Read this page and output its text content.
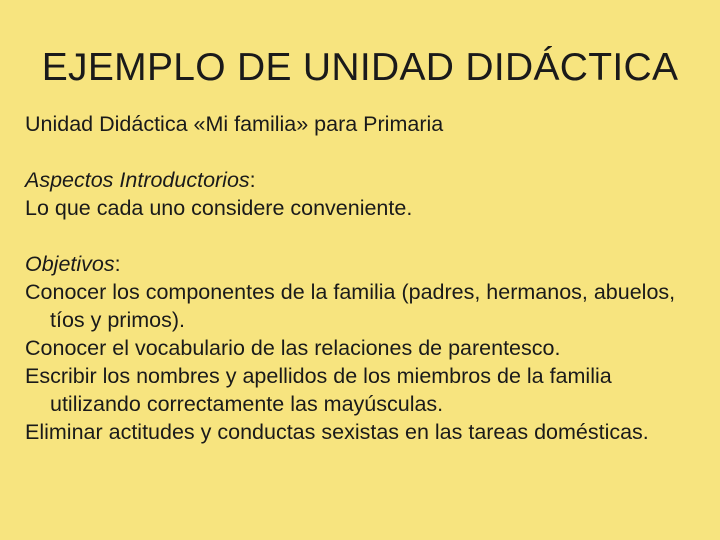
EJEMPLO DE UNIDAD DIDÁCTICA

Unidad Didáctica «Mi familia» para Primaria

Aspectos Introductorios:

Lo que cada uno considere conveniente.

Objetivos:

Conocer los componentes de la familia (padres, hermanos, abuelos, tíos y primos).

Conocer el vocabulario de las relaciones de parentesco.

Escribir los nombres y apellidos de los miembros de la familia utilizando correctamente las mayúsculas.

Eliminar actitudes y conductas sexistas en las tareas domésticas.
